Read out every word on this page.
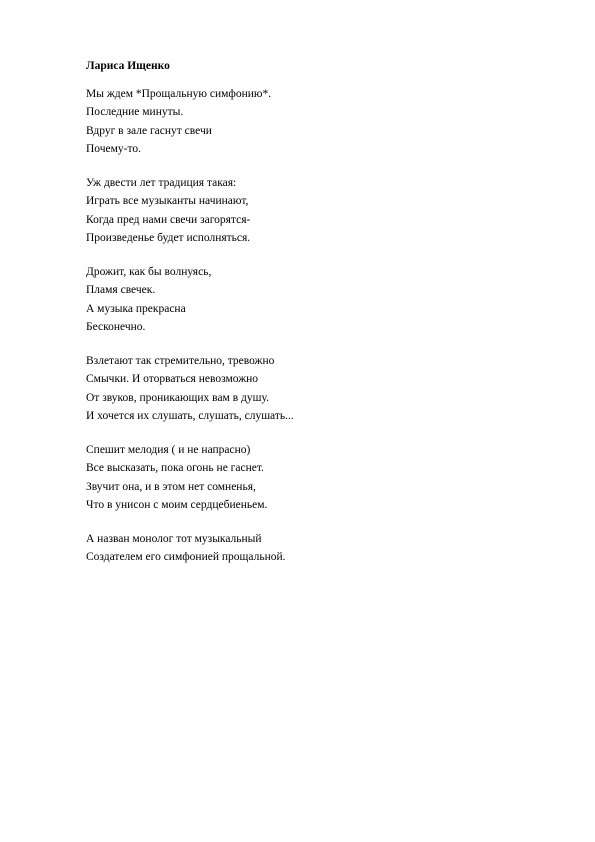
Лариса Ищенко
Мы ждем *Прощальную симфонию*.
Последние минуты.
Вдруг в зале гаснут свечи
Почему-то.
Уж двести лет традиция такая:
Играть все музыканты начинают,
Когда пред нами свечи загорятся-
Произведенье будет исполняться.
Дрожит, как бы волнуясь,
Пламя свечек.
А музыка прекрасна
Бесконечно.
Взлетают так стремительно, тревожно
Смычки. И оторваться невозможно
От звуков, проникающих вам в душу.
И хочется их слушать, слушать, слушать...
Спешит мелодия ( и не напрасно)
Все высказать, пока огонь не гаснет.
Звучит она, и в этом нет сомненья,
Что в унисон с моим сердцебиеньем.
А назван монолог тот музыкальный
Создателем его симфонией прощальной.
